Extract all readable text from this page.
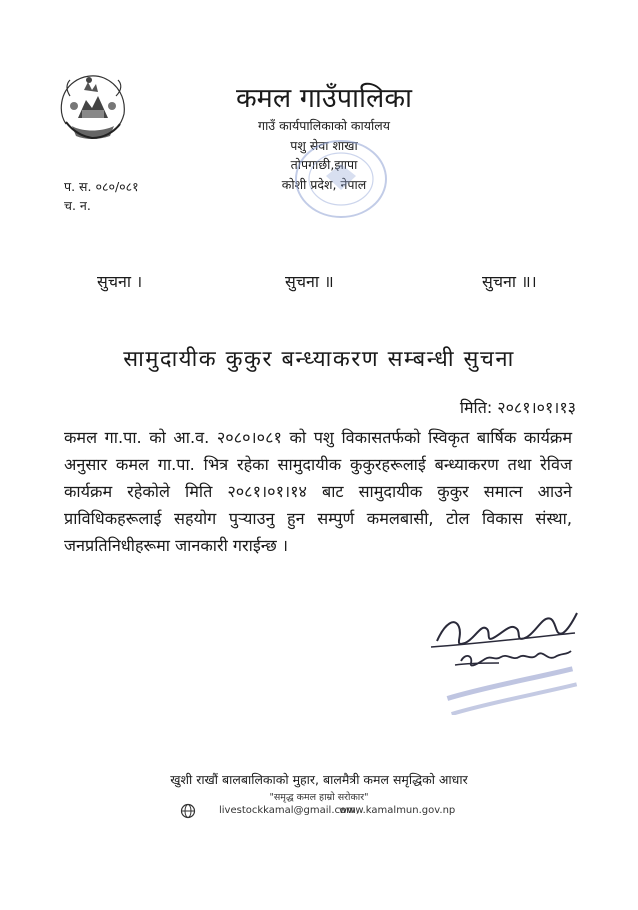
कमल गाउँपालिका
गाउँ कार्यपालिकाको कार्यालय
पशु सेवा शाखा
तोपगाछी,झापा
कोशी प्रदेश, नेपाल
प. स. ०८०/०८१
च. न.
सुचना ।	सुचना ॥	सुचना ॥।
सामुदायीक कुकुर बन्ध्याकरण सम्बन्धी सुचना
मिति: २०८१।०१।१३
कमल गा.पा. को आ.व. २०८०।०८१ को पशु विकासतर्फको स्विकृत बार्षिक कार्यक्रम अनुसार कमल गा.पा. भित्र रहेका सामुदायीक कुकुरहरूलाई बन्ध्याकरण तथा रेविज कार्यक्रम रहेकोले मिति २०८१।०१।१४ बाट सामुदायीक कुकुर समात्न आउने प्राविधिकहरूलाई सहयोग पुर्‍याउनु हुन सम्पुर्ण कमलबासी, टोल विकास संस्था, जनप्रतिनिधीहरूमा जानकारी गराईन्छ ।
खुशी राखौं बालबालिकाको मुहार, बालमैत्री कमल समृद्धिको आधार
"समृद्ध कमल हाम्रो सरोकार"
livestockkamal@gmail.com,
www.kamalmun.gov.np
